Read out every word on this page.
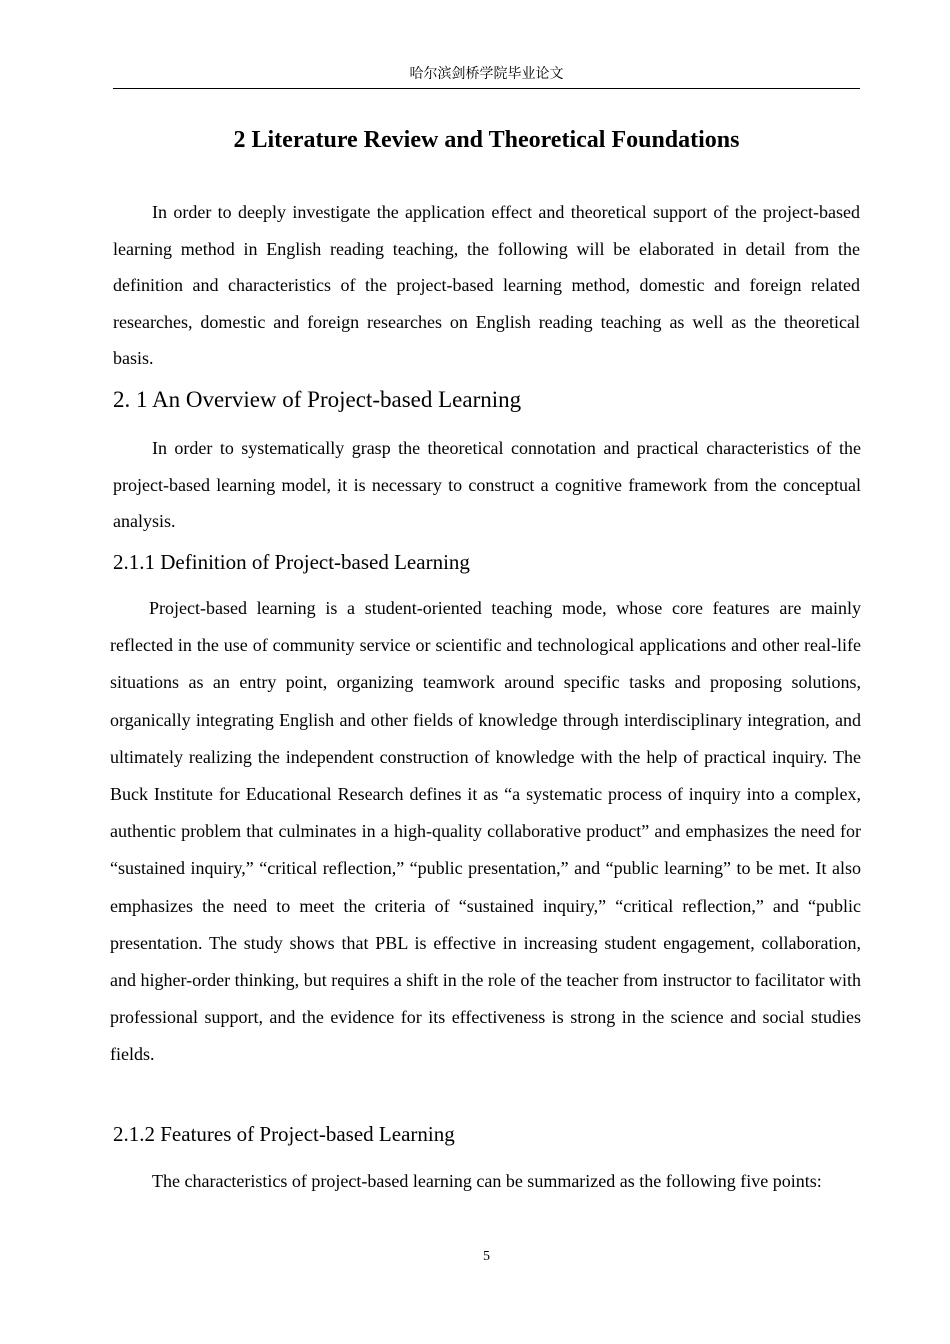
哈尔滨剑桥学院毕业论文
2 Literature Review and Theoretical Foundations

In order to deeply investigate the application effect and theoretical support of the project-based learning method in English reading teaching, the following will be elaborated in detail from the definition and characteristics of the project-based learning method, domestic and foreign related researches, domestic and foreign researches on English reading teaching as well as the theoretical basis.

2. 1 An Overview of Project-based Learning

In order to systematically grasp the theoretical connotation and practical characteristics of the project-based learning model, it is necessary to construct a cognitive framework from the conceptual analysis.

2.1.1 Definition of Project-based Learning

Project-based learning is a student-oriented teaching mode, whose core features are mainly reflected in the use of community service or scientific and technological applications and other real-life situations as an entry point, organizing teamwork around specific tasks and proposing solutions, organically integrating English and other fields of knowledge through interdisciplinary integration, and ultimately realizing the independent construction of knowledge with the help of practical inquiry. The Buck Institute for Educational Research defines it as “a systematic process of inquiry into a complex, authentic problem that culminates in a high-quality collaborative product” and emphasizes the need for “sustained inquiry,” “critical reflection,” “public presentation,” and “public learning” to be met. It also emphasizes the need to meet the criteria of “sustained inquiry,” “critical reflection,” and “public presentation. The study shows that PBL is effective in increasing student engagement, collaboration, and higher-order thinking, but requires a shift in the role of the teacher from instructor to facilitator with professional support, and the evidence for its effectiveness is strong in the science and social studies fields.

2.1.2 Features of Project-based Learning

The characteristics of project-based learning can be summarized as the following five points:

5
